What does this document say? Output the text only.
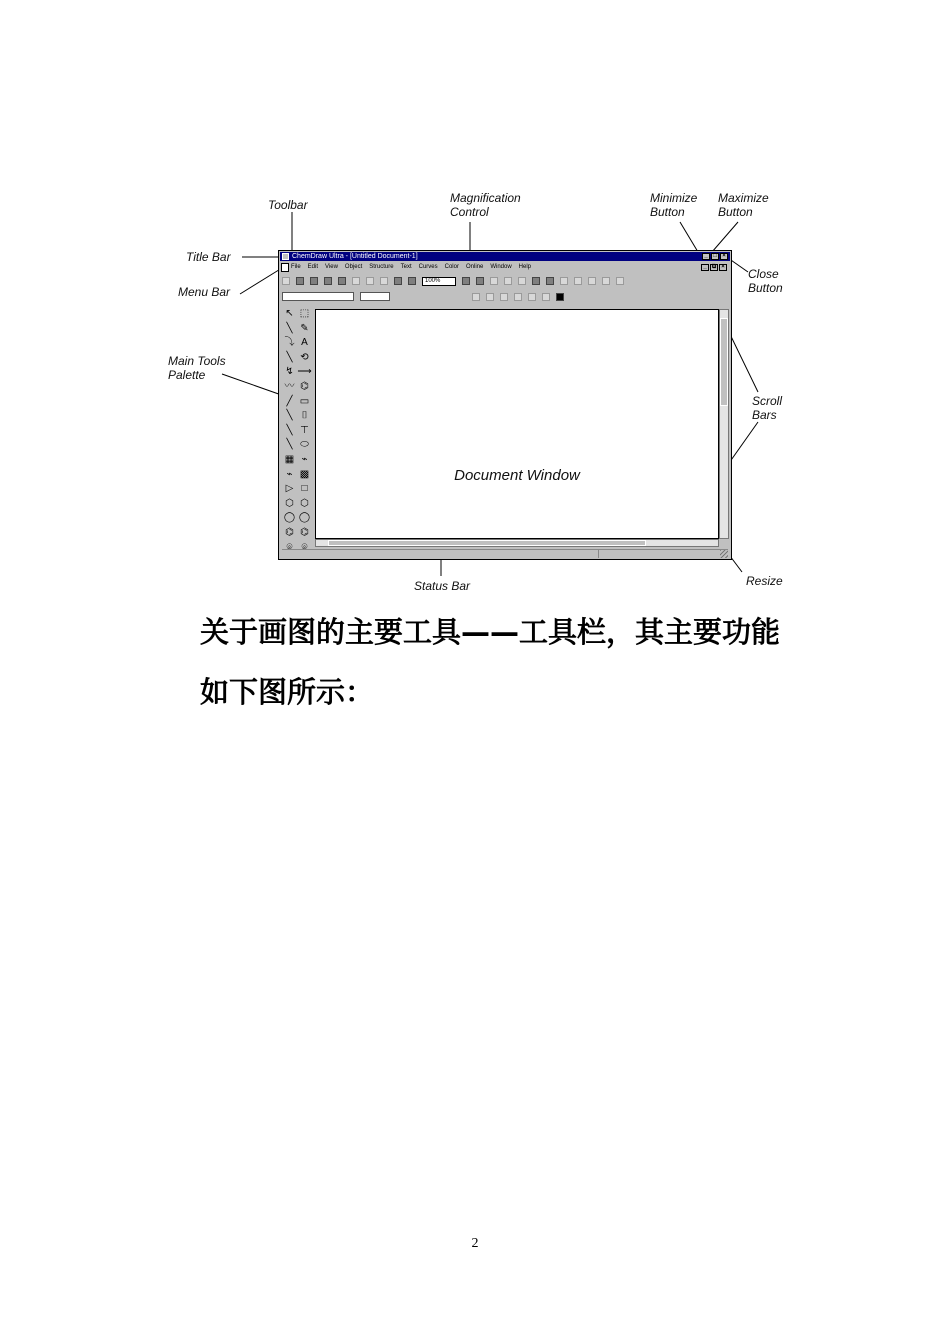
Toolbar	Magnification
Control
Minimize
Button
Maximize
Button
Title Bar
Menu Bar
Close
Button
Main Tools
Palette
Scroll
Bars
Status Bar	Resize
ChemDraw Ultra - [Untitled Document-1]	_ □ ×
File Edit View Object Structure Text Curves Color Online Window Help	_ ⧉ ×
100%
↖ ⬚
╲ ✎
⤵ A
╲ ⟲
↯ ⟶
〰 ⌬
╱ ▭
╲ ⌷
╲ ⊤
╲ ⬭
▦ ⌁
⌁ ▩
▷ □
⬡ ⬡
◯ ◯
⌬ ⌬
⌾ ⌾
Document Window
关于画图的主要工具——工具栏，其主要功能
如下图所示：
2
